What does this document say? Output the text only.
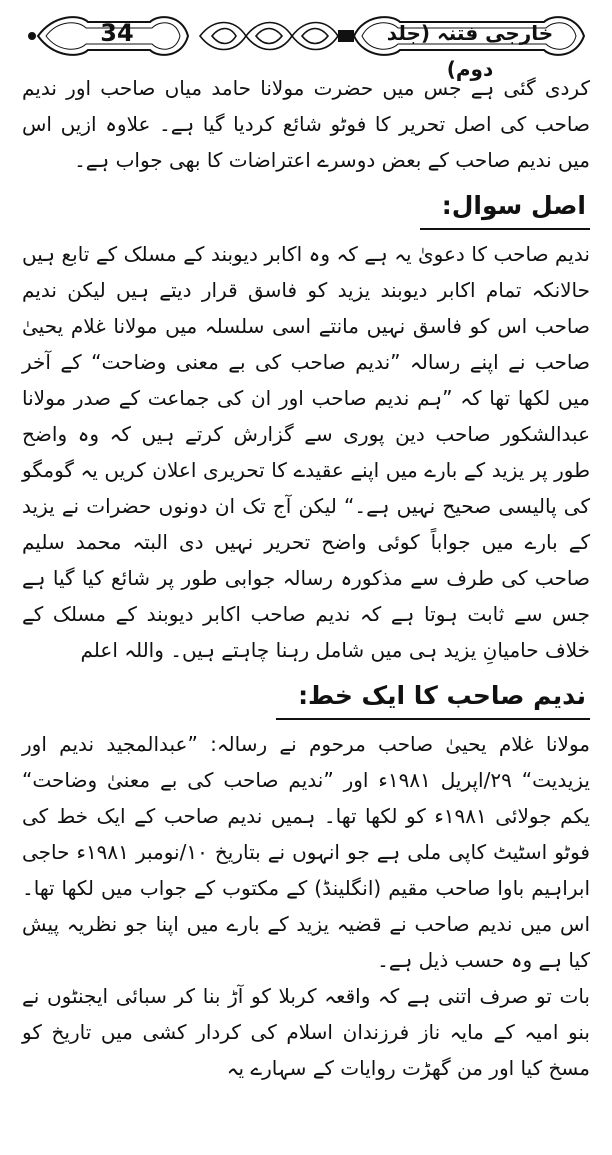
34	خارجی فتنہ (جلد دوم)

کردی گئی ہے جس میں حضرت مولانا حامد میاں صاحب اور ندیم صاحب کی اصل تحریر کا فوٹو شائع کردیا گیا ہے۔ علاوہ ازیں اس میں ندیم صاحب کے بعض دوسرے اعتراضات کا بھی جواب ہے۔

اصل سوال:

ندیم صاحب کا دعویٰ یہ ہے کہ وہ اکابر دیوبند کے مسلک کے تابع ہیں حالانکہ تمام اکابر دیوبند یزید کو فاسق قرار دیتے ہیں لیکن ندیم صاحب اس کو فاسق نہیں مانتے اسی سلسلہ میں مولانا غلام یحییٰ صاحب نے اپنے رسالہ ”ندیم صاحب کی بے معنی وضاحت“ کے آخر میں لکھا تھا کہ ”ہم ندیم صاحب اور ان کی جماعت کے صدر مولانا عبدالشکور صاحب دین پوری سے گزارش کرتے ہیں کہ وہ واضح طور پر یزید کے بارے میں اپنے عقیدے کا تحریری اعلان کریں یہ گومگو کی پالیسی صحیح نہیں ہے۔“ لیکن آج تک ان دونوں حضرات نے یزید کے بارے میں جواباً کوئی واضح تحریر نہیں دی البتہ محمد سلیم صاحب کی طرف سے مذکورہ رسالہ جوابی طور پر شائع کیا گیا ہے جس سے ثابت ہوتا ہے کہ ندیم صاحب اکابر دیوبند کے مسلک کے خلاف حامیانِ یزید ہی میں شامل رہنا چاہتے ہیں۔ واللہ اعلم

ندیم صاحب کا ایک خط:

مولانا غلام یحییٰ صاحب مرحوم نے رسالہ: ”عبدالمجید ندیم اور یزیدیت“ ۲۹/اپریل ۱۹۸۱ء اور ”ندیم صاحب کی بے معنیٰ وضاحت“ یکم جولائی ۱۹۸۱ء کو لکھا تھا۔ ہمیں ندیم صاحب کے ایک خط کی فوٹو اسٹیٹ کاپی ملی ہے جو انہوں نے بتاریخ ۱۰/نومبر ۱۹۸۱ء حاجی ابراہیم باوا صاحب مقیم (انگلینڈ) کے مکتوب کے جواب میں لکھا تھا۔ اس میں ندیم صاحب نے قضیہ یزید کے بارے میں اپنا جو نظریہ پیش کیا ہے وہ حسب ذیل ہے۔

بات تو صرف اتنی ہے کہ واقعہ کربلا کو آڑ بنا کر سبائی ایجنٹوں نے بنو امیہ کے مایہ ناز فرزندان اسلام کی کردار کشی میں تاریخ کو مسخ کیا اور من گھڑت روایات کے سہارے یہ
